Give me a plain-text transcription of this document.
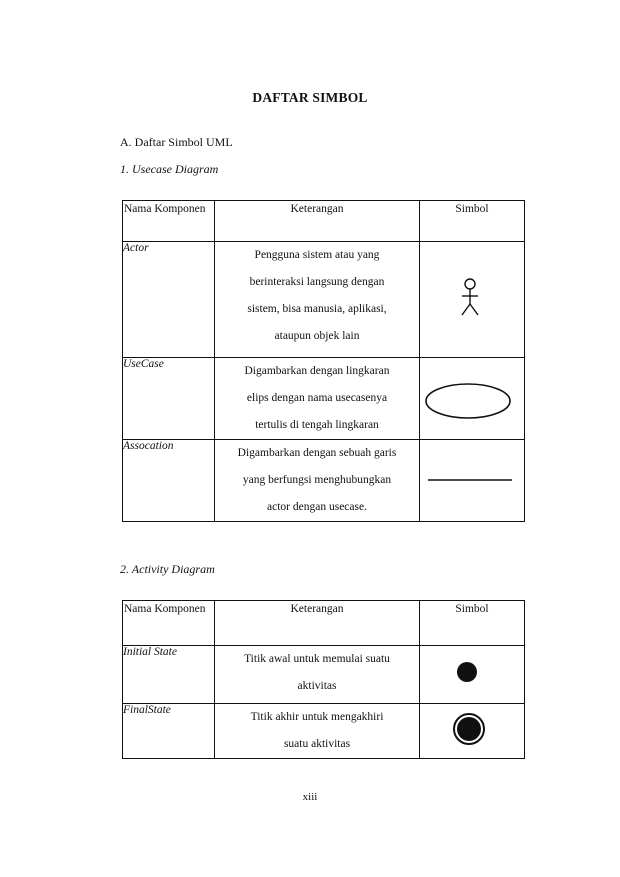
DAFTAR SIMBOL
A. Daftar Simbol UML
1. Usecase Diagram
Nama Komponen	Keterangan	Simbol
Actor	Pengguna sistem atau yang
berinteraksi langsung dengan
sistem, bisa manusia, aplikasi,
ataupun objek lain

UseCase	Digambarkan dengan lingkaran
elips dengan nama usecasenya
tertulis di tengah lingkaran

Assocation	Digambarkan dengan sebuah garis
yang berfungsi menghubungkan
actor dengan usecase.

2. Activity Diagram
Nama Komponen	Keterangan	Simbol
Initial State	Titik awal untuk memulai suatu
aktivitas

FinalState	Titik akhir untuk mengakhiri
suatu aktivitas

xiii
